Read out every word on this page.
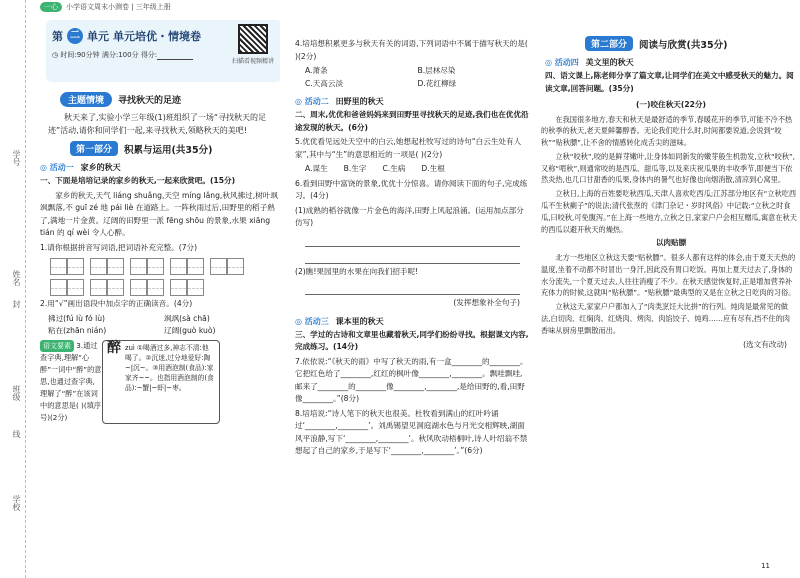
学号
姓名
封
班级
线
学校
一心	小学语文周末小测卷 | 三年级上册
第 二 单元 单元培优・情境卷
◷ 时间:90分钟 满分:100分 得分:
扫描看视频精讲
主题情境	寻找秋天的足迹
秋天来了,实验小学三年级(1)班组织了一场“寻找秋天的足迹”活动,请你和同学们一起,来寻找秋天,领略秋天的美吧!
第一部分	积累与运用(共35分)
◎ 活动一 家乡的秋天
一、下面是培培记录的家乡的秋天,一起来欣赏吧。(15分)
家乡的秋天,天气 liáng shuǎng,天空 míng lǎng,秋风拂过,树叶飒飒飘落,不 guī zé 地 pái liè 在道路上。一阵秋雨过后,田野里的稻子熟了,满地一片金黄。辽阔的田野里一派 fēng shōu 的景象,水果 xiāng tián 的 qí wèi 令人心醉。
1.请你根据拼音写词语,把词语补充完整。(7分)
2.用“√”画出语段中加点字的正确读音。(4分)
拂过(fú lù fó lù)	飒飒(sà chā)
粘在(zhān nián)	辽阔(guò kuò)
语文要素 3.通过查字典,理解“心醉”一词中“醉”的意思,也通过查字典,理解了“醉”在该词中的意思是( )(填序号)(2分)
醉 zuì ①喝酒过多,神志不清:他喝了。②沉迷,过分地爱好:陶~|沉~。③用酒泡制(食品):家家齐~~。也指用酒泡制的(食品):~蟹|~虾|~枣。
4.培培想积累更多与秋天有关的词语,下列词语中不属于描写秋天的是( )(2分)
A.萧条	B.层林尽染
C.天高云淡	D.花红柳绿
◎ 活动二 田野里的秋天
二、周末,优优和爸爸妈妈来到田野里寻找秋天的足迹,我们也在优优沿途发现的秋天。(6分)
5.优优看见远处天空中的白云,她想起杜牧写过的诗句“白云生处有人家”,其中与“生”的意思相近的一项是( )(2分)
A.谋生 B.生字 C.生病 D.生根
6.看到田野中富饶的景象,优优十分惊喜。请你阅读下面的句子,完成练习。(4分)
(1)成熟的稻谷就像一片金色的海洋,田野上风起浪涌。(运用加点部分仿写)
(2)瞧!果园里的水果在向我们招手呢!
(发挥想象补全句子)
◎ 活动三 课本里的秋天
三、学过的古诗和文章里也藏着秋天,同学们纷纷寻找。根据课文内容,完成练习。(14分)
7.依依说:“《秋天的雨》中写了秋天的雨,有一盒________的________。它把红色给了________,红红的枫叶像________,________。飘哇飘哇,邮来了________的________像________,________,是给田野的,看,田野像________。”(8分)
8.培培说:“诗人笔下的秋天也很美。杜牧看到满山的红叶吟诵过‘________,________’。刘禹锡望见洞庭湖水色与月光交相辉映,湖面风平浪静,写下‘________,________’。秋风吹动梧桐叶,诗人叶绍翁不禁想起了自己的家乡,于是写下‘________,________’。”(6分)
第二部分	阅读与欣赏(共35分)
◎ 活动四 美文里的秋天
四、语文课上,陈老师分享了篇文章,让同学们在美文中感受秋天的魅力。阅读文章,回答问题。(35分)
(一)咬住秋天(22分)
在我国很多地方,春天和秋天是最舒适的季节,春暖花开的季节,可能不冷不热的秋季的秋天,老天夏鲜馨醇香。无论我们吃什么时,时间都要说道,会说到“咬秋”“贴秋膘”,让不舍的情感转化成舌尖的滋味。
立秋“咬秋”,咬的是鲜芽嫩叶,让身体如同新发的嫩芽般生机勃发,立秋“咬秋”,又称“啃秋”,则通常咬的是西瓜、甜瓜等,以及来庆祝瓜果的丰收季节,即便当下依然炎热,也几口甘甜香的瓜果,身体内的暑气也好像也向烟消散,清凉到心窝里。
立秋日,上海的百姓要吃秋西瓜,天津人喜欢吃西瓜;江苏部分地区有“立秋吃西瓜不生秋瘌子”的说法;清代张焘的《津门杂记・岁时风俗》中记载:“立秋之时食瓜,曰咬秋,可免腹泻。”在上海一些地方,立秋之日,家家户户会相互赠瓜,寓意在秋天的西瓜以避开秋天的燥热。
以肉贴膘
北方一些地区立秋这天要“贴秋膘”。很多人都有这样的体会,由于夏天天热的温度,坐着不动都不时冒出一身汗,因此没有胃口吃饭。再加上夏天过去了,身体的水分流失,一个夏天过去,人往往消瘦了不少。在秋天感觉恢复时,正是增加营养补充体力的时候,这就叫“贴秋膘”。“贴秋膘”最典型的又是在立秋之日吃肉的习俗。
立秋这天,家家户户都加入了“肉类烹饪大比拼”的行列。炖肉是最常见的做法,白切肉、红焖肉、红烧肉、烤肉、肉馅饺子、炖鸡……应有尽有,挡不住的肉香味从厨房里飘散而出。
(选文有改动)
11
